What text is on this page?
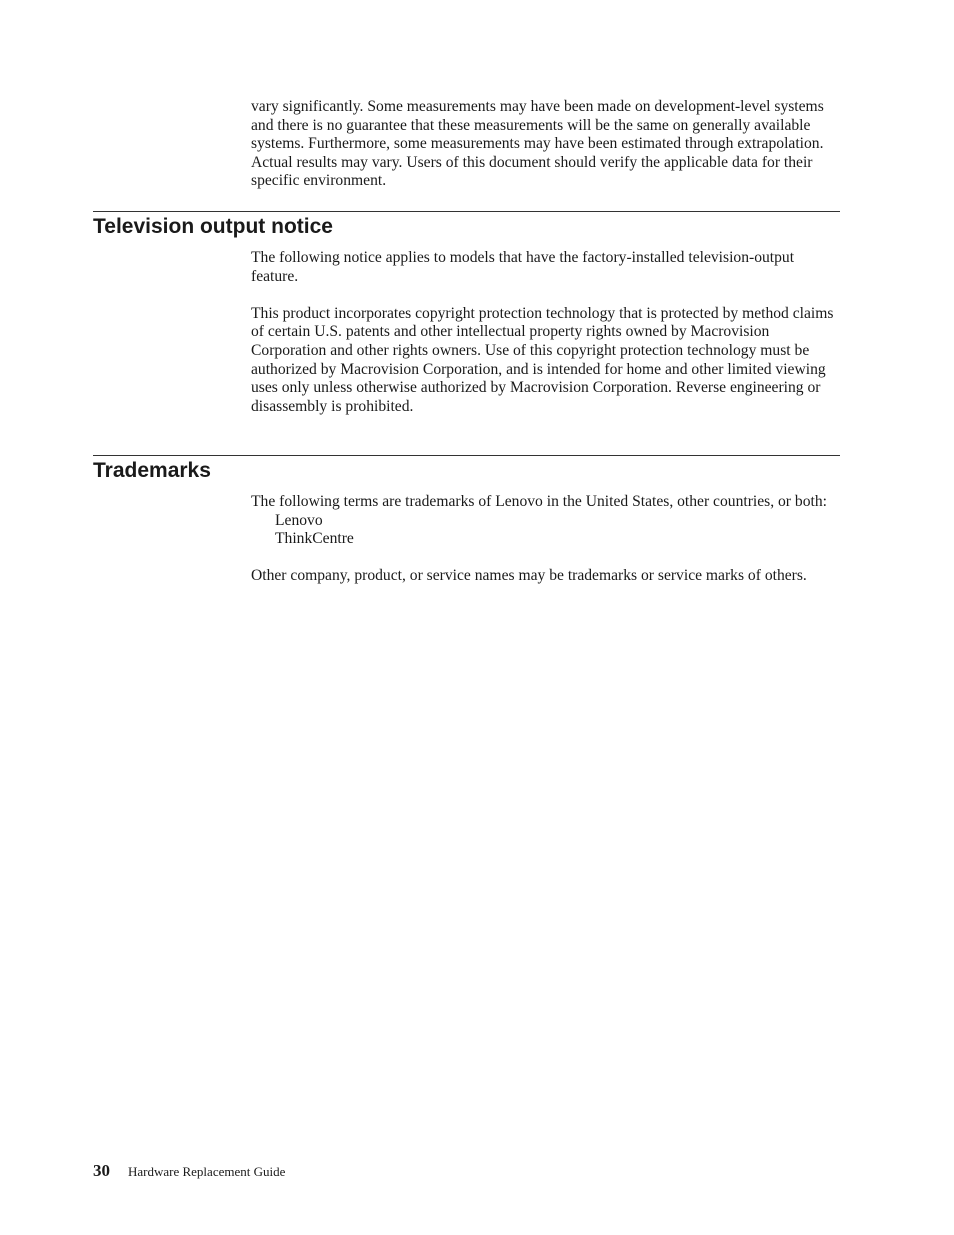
vary significantly. Some measurements may have been made on development-level systems and there is no guarantee that these measurements will be the same on generally available systems. Furthermore, some measurements may have been estimated through extrapolation. Actual results may vary. Users of this document should verify the applicable data for their specific environment.

Television output notice

The following notice applies to models that have the factory-installed television-output feature.

This product incorporates copyright protection technology that is protected by method claims of certain U.S. patents and other intellectual property rights owned by Macrovision Corporation and other rights owners. Use of this copyright protection technology must be authorized by Macrovision Corporation, and is intended for home and other limited viewing uses only unless otherwise authorized by Macrovision Corporation. Reverse engineering or disassembly is prohibited.

Trademarks

The following terms are trademarks of Lenovo in the United States, other countries, or both:

Lenovo
ThinkCentre

Other company, product, or service names may be trademarks or service marks of others.

30 Hardware Replacement Guide
